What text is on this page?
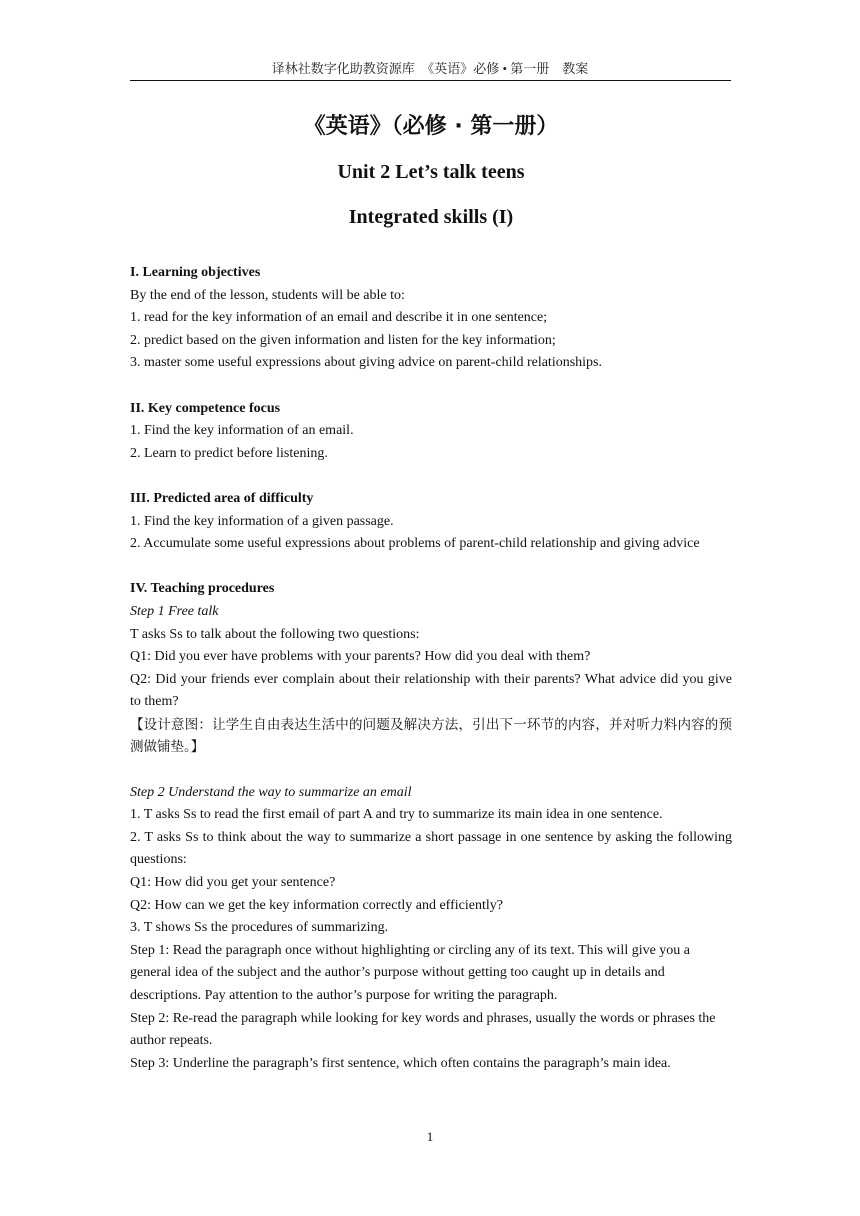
译林社数字化助教资源库　《英语》必修 • 第一册　教案
《英语》（必修 · 第一册）
Unit 2 Let’s talk teens
Integrated skills (I)

I. Learning objectives

By the end of the lesson, students will be able to:

1. read for the key information of an email and describe it in one sentence;

2. predict based on the given information and listen for the key information;

3. master some useful expressions about giving advice on parent-child relationships.

II. Key competence focus

1. Find the key information of an email.

2. Learn to predict before listening.

III. Predicted area of difficulty

1. Find the key information of a given passage.

2. Accumulate some useful expressions about problems of parent-child relationship and giving advice

IV. Teaching procedures

Step 1 Free talk

T asks Ss to talk about the following two questions:

Q1: Did you ever have problems with your parents? How did you deal with them?

Q2: Did your friends ever complain about their relationship with their parents? What advice did you give to them?

【设计意图：让学生自由表达生活中的问题及解决方法，引出下一环节的内容，并对听力料内容的预测做铺垫。】

Step 2 Understand the way to summarize an email

1. T asks Ss to read the first email of part A and try to summarize its main idea in one sentence.

2. T asks Ss to think about the way to summarize a short passage in one sentence by asking the following questions:

Q1: How did you get your sentence?

Q2: How can we get the key information correctly and efficiently?

3. T shows Ss the procedures of summarizing.

Step 1: Read the paragraph once without highlighting or circling any of its text. This will give you a general idea of the subject and the author’s purpose without getting too caught up in details and descriptions. Pay attention to the author’s purpose for writing the paragraph.

Step 2: Re-read the paragraph while looking for key words and phrases, usually the words or phrases the author repeats.

Step 3: Underline the paragraph’s first sentence, which often contains the paragraph’s main idea.

1
